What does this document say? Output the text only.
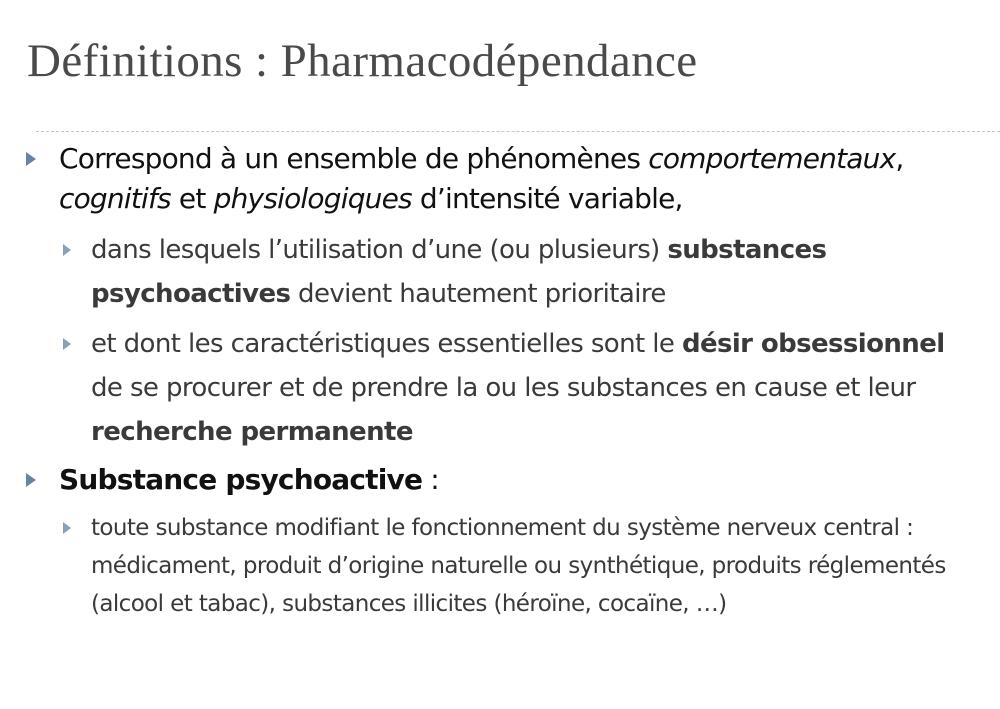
Définitions : Pharmacodépendance

Correspond à un ensemble de phénomènes comportementaux,
cognitifs et physiologiques d’intensité variable,

dans lesquels l’utilisation d’une (ou plusieurs) substances psychoactives devient hautement prioritaire

et dont les caractéristiques essentielles sont le désir obsessionnel de se procurer et de prendre la ou les substances en cause et leur recherche permanente

Substance psychoactive :

toute substance modifiant le fonctionnement du système nerveux central : médicament, produit d’origine naturelle ou synthétique, produits réglementés (alcool et tabac), substances illicites (héroïne, cocaïne, …)
